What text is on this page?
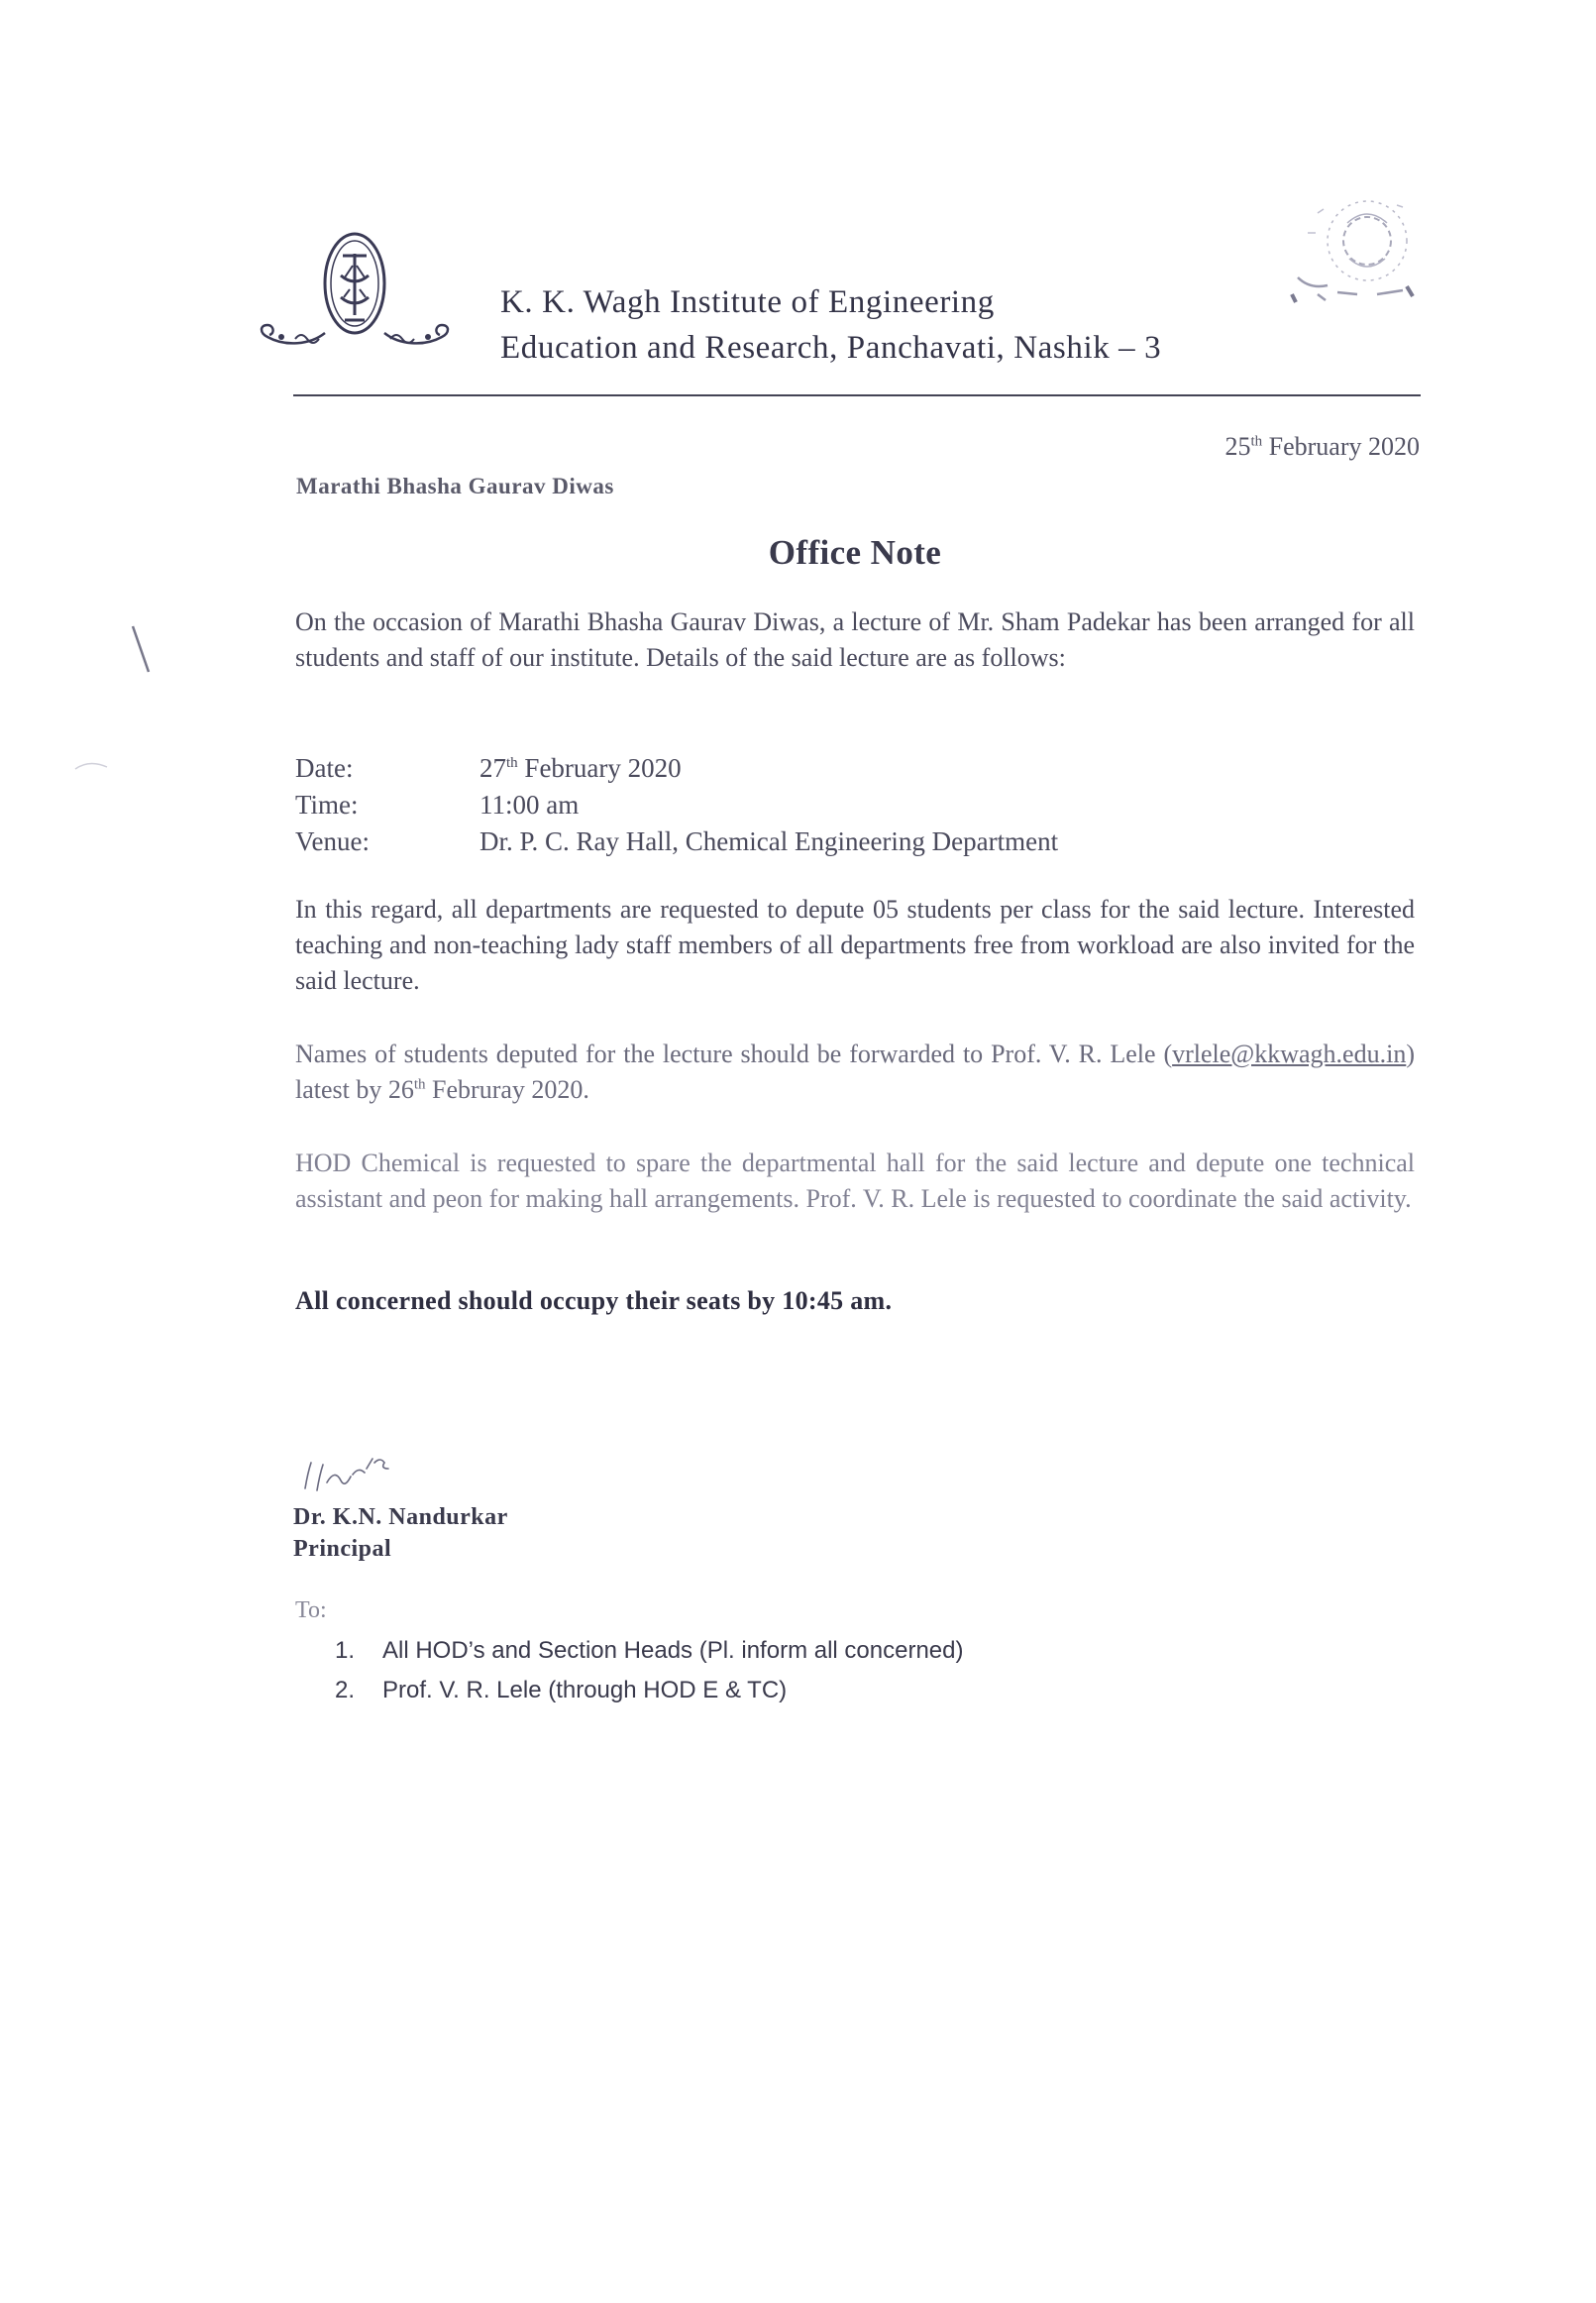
K. K. Wagh Institute of Engineering
Education and Research, Panchavati, Nashik – 3
25th February 2020
Marathi Bhasha Gaurav Diwas
Office Note
On the occasion of Marathi Bhasha Gaurav Diwas, a lecture of Mr. Sham Padekar has been arranged for all students and staff of our institute. Details of the said lecture are as follows:
Date:	27th February 2020
Time:	11:00 am
Venue:	Dr. P. C. Ray Hall, Chemical Engineering Department
In this regard, all departments are requested to depute 05 students per class for the said lecture. Interested teaching and non-teaching lady staff members of all departments free from workload are also invited for the said lecture.
Names of students deputed for the lecture should be forwarded to Prof. V. R. Lele (vrlele@kkwagh.edu.in) latest by 26th Februray 2020.
HOD Chemical is requested to spare the departmental hall for the said lecture and depute one technical assistant and peon for making hall arrangements. Prof. V. R. Lele is requested to coordinate the said activity.
All concerned should occupy their seats by 10:45 am.
Dr. K.N. Nandurkar
Principal
To:
1.	All HOD’s and Section Heads (Pl. inform all concerned)
2.	Prof. V. R. Lele (through HOD E & TC)
